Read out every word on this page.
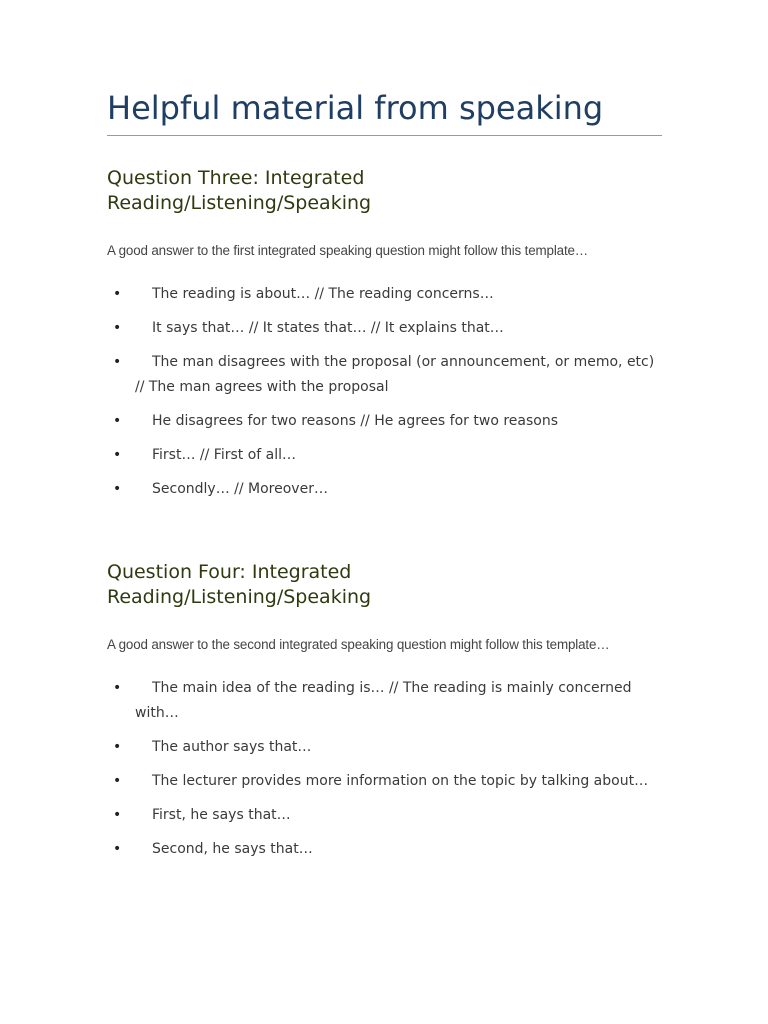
Helpful material from speaking
Question Three: Integrated
Reading/Listening/Speaking

A good answer to the first integrated speaking question might follow this template…

• The reading is about… // The reading concerns…
• It says that… // It states that… // It explains that…
• The man disagrees with the proposal (or announcement, or memo, etc) // The man agrees with the proposal
• He disagrees for two reasons // He agrees for two reasons
• First… // First of all…
• Secondly… // Moreover…
Question Four: Integrated
Reading/Listening/Speaking

A good answer to the second integrated speaking question might follow this template…

• The main idea of the reading is… // The reading is mainly concerned with…
• The author says that…
• The lecturer provides more information on the topic by talking about…
• First, he says that…
• Second, he says that…
